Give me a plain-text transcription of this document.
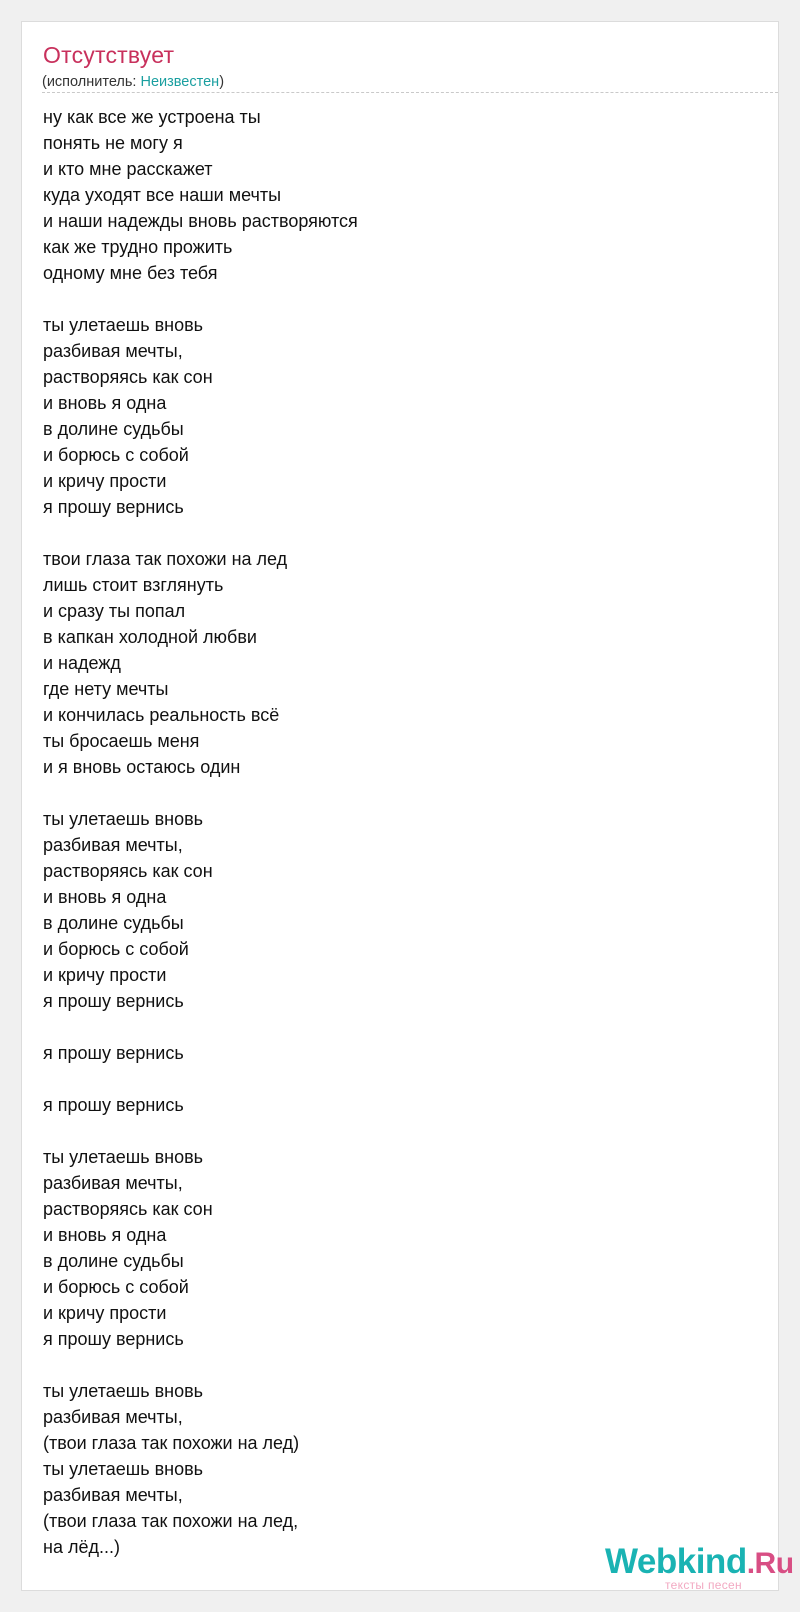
Отсутствует
(исполнитель: Неизвестен)
ну как все же устроена ты
понять не могу я
и кто мне расскажет
куда уходят все наши мечты
и наши надежды вновь растворяются
как же трудно прожить
одному мне без тебя
ты улетаешь вновь
разбивая мечты,
растворяясь как сон
и вновь я одна
в долине судьбы
и борюсь с собой
и кричу прости
я прошу вернись
твои глаза так похожи на лед
лишь стоит взглянуть
и сразу ты попал
в капкан холодной любви
и надежд
где нету мечты
и кончилась реальность всё
ты бросаешь меня
и я вновь остаюсь один
ты улетаешь вновь
разбивая мечты,
растворяясь как сон
и вновь я одна
в долине судьбы
и борюсь с собой
и кричу прости
я прошу вернись
я прошу вернись
я прошу вернись
ты улетаешь вновь
разбивая мечты,
растворяясь как сон
и вновь я одна
в долине судьбы
и борюсь с собой
и кричу прости
я прошу вернись
ты улетаешь вновь
разбивая мечты,
(твои глаза так похожи на лед)
ты улетаешь вновь
разбивая мечты,
(твои глаза так похожи на лед,
на лёд...)	Webkind.Ru
тексты песен
